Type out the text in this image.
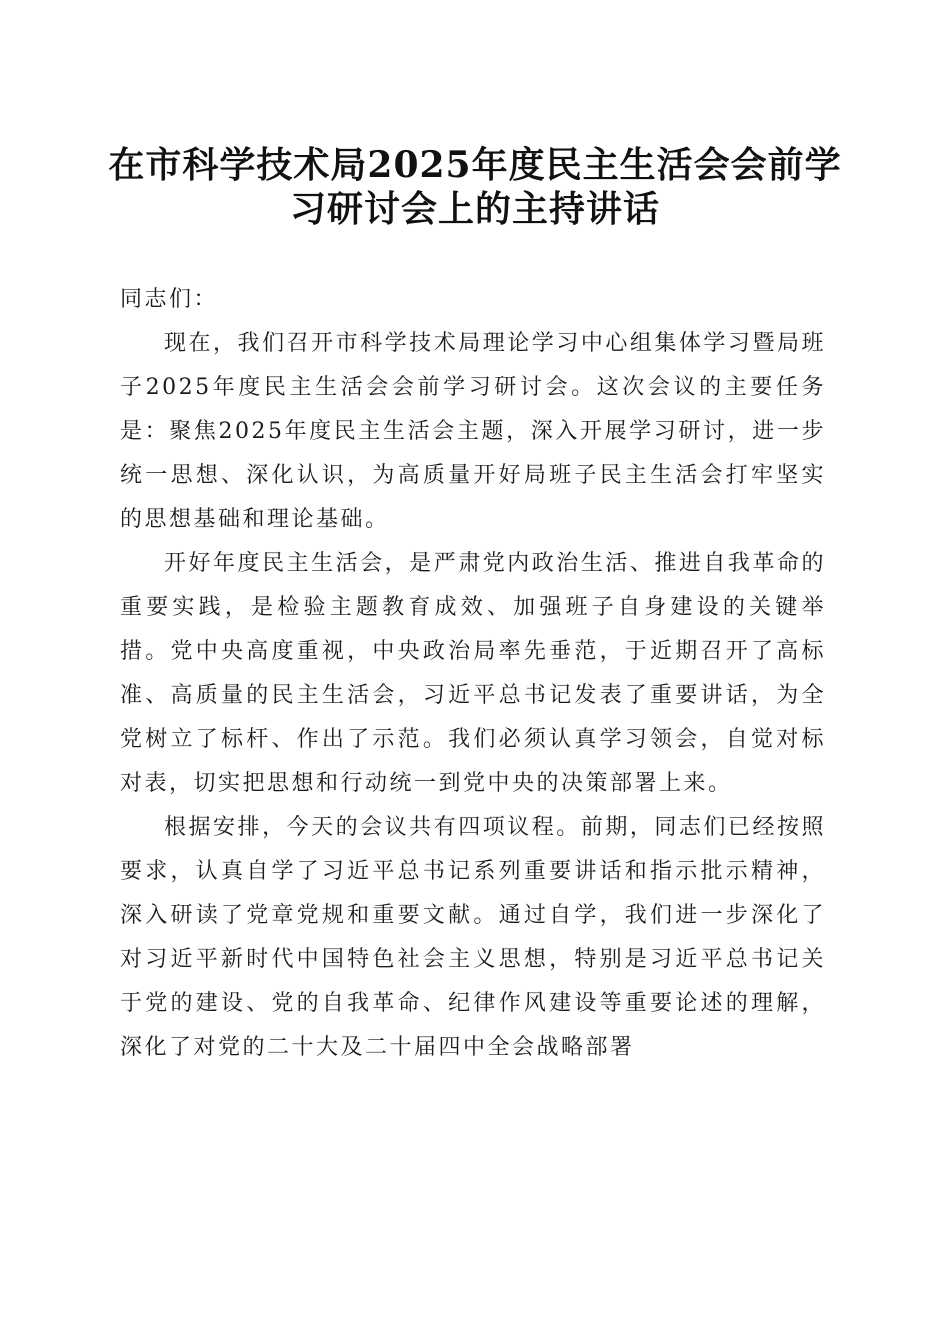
在市科学技术局2025年度民主生活会会前学
习研讨会上的主持讲话

同志们：

现在，我们召开市科学技术局理论学习中心组集体学习暨局班子2025年度民主生活会会前学习研讨会。这次会议的主要任务是：聚焦2025年度民主生活会主题，深入开展学习研讨，进一步统一思想、深化认识，为高质量开好局班子民主生活会打牢坚实的思想基础和理论基础。

开好年度民主生活会，是严肃党内政治生活、推进自我革命的重要实践，是检验主题教育成效、加强班子自身建设的关键举措。党中央高度重视，中央政治局率先垂范，于近期召开了高标准、高质量的民主生活会，习近平总书记发表了重要讲话，为全党树立了标杆、作出了示范。我们必须认真学习领会，自觉对标对表，切实把思想和行动统一到党中央的决策部署上来。

根据安排，今天的会议共有四项议程。前期，同志们已经按照要求，认真自学了习近平总书记系列重要讲话和指示批示精神，深入研读了党章党规和重要文献。通过自学，我们进一步深化了对习近平新时代中国特色社会主义思想，特别是习近平总书记关于党的建设、党的自我革命、纪律作风建设等重要论述的理解，深化了对党的二十大及二十届四中全会战略部署
